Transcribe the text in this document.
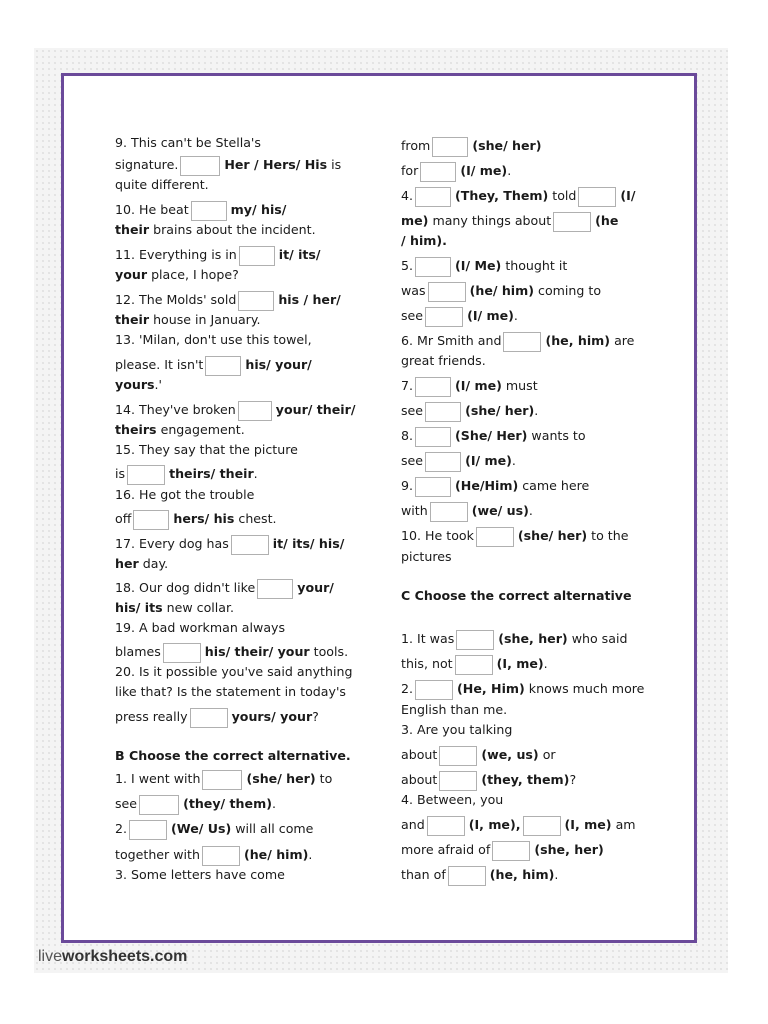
9. This can't be Stella's
signature.	Her / Hers/ His is
quite different.
10. He beat	my/ his/
their brains about the incident.
11. Everything is in	it/ its/
your place, I hope?
12. The Molds' sold	his / her/
their house in January.
13. 'Milan, don't use this towel,
please. It isn't	his/ your/
yours.'
14. They've broken	your/ their/
theirs engagement.
15. They say that the picture
is	theirs/ their.
16. He got the trouble
off	hers/ his chest.
17. Every dog has	it/ its/ his/
her day.
18. Our dog didn't like	your/
his/ its new collar.
19. A bad workman always
blames	his/ their/ your tools.
20. Is it possible you've said anything
like that? Is the statement in today's
press really	yours/ your?
B Choose the correct alternative.
1. I went with	(she/ her) to
see	(they/ them).
2.	(We/ Us) will all come
together with	(he/ him).
3. Some letters have come
from	(she/ her)
for	(I/ me).
4.	(They, Them) told	(I/
me) many things about	(he
/ him).
5.	(I/ Me) thought it
was	(he/ him) coming to
see	(I/ me).
6. Mr Smith and	(he, him) are
great friends.
7.	(I/ me) must
see	(she/ her).
8.	(She/ Her) wants to
see	(I/ me).
9.	(He/Him) came here
with	(we/ us).
10. He took	(she/ her) to the
pictures
C Choose the correct alternative
1. It was	(she, her) who said
this, not	(I, me).
2.	(He, Him) knows much more
English than me.
3. Are you talking
about	(we, us) or
about	(they, them)?
4. Between, you
and	(I, me),	(I, me) am
more afraid of	(she, her)
than of	(he, him).
liveworksheets.com
